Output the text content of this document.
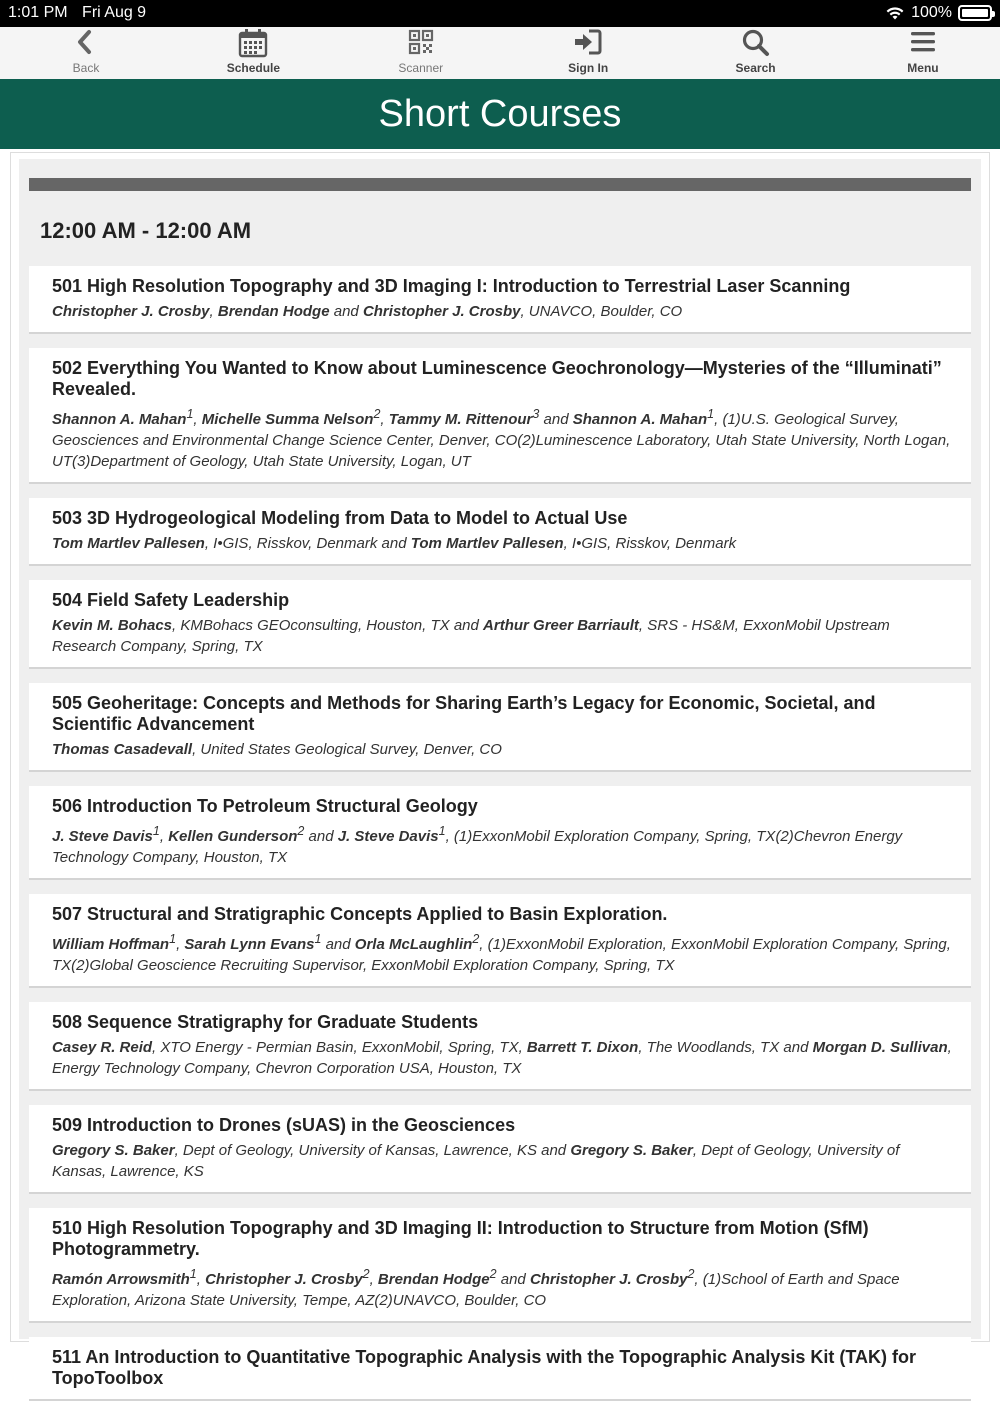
1:01 PM Fri Aug 9	100%
Back	Schedule	Scanner	Sign In	Search	Menu
Short Courses
12:00 AM - 12:00 AM
501 High Resolution Topography and 3D Imaging I: Introduction to Terrestrial Laser Scanning
Christopher J. Crosby, Brendan Hodge and Christopher J. Crosby, UNAVCO, Boulder, CO
502 Everything You Wanted to Know about Luminescence Geochronology—Mysteries of the “Illuminati” Revealed.
Shannon A. Mahan$^1$, Michelle Summa Nelson$^2$, Tammy M. Rittenour$^3$ and Shannon A. Mahan$^1$, (1)U.S. Geological Survey, Geosciences and Environmental Change Science Center, Denver, CO(2)Luminescence Laboratory, Utah State University, North Logan, UT(3)Department of Geology, Utah State University, Logan, UT
503 3D Hydrogeological Modeling from Data to Model to Actual Use
Tom Martlev Pallesen, I•GIS, Risskov, Denmark and Tom Martlev Pallesen, I•GIS, Risskov, Denmark
504 Field Safety Leadership
Kevin M. Bohacs, KMBohacs GEOconsulting, Houston, TX and Arthur Greer Barriault, SRS - HS&M, ExxonMobil Upstream Research Company, Spring, TX
505 Geoheritage: Concepts and Methods for Sharing Earth’s Legacy for Economic, Societal, and Scientific Advancement
Thomas Casadevall, United States Geological Survey, Denver, CO
506 Introduction To Petroleum Structural Geology
J. Steve Davis$^1$, Kellen Gunderson$^2$ and J. Steve Davis$^1$, (1)ExxonMobil Exploration Company, Spring, TX(2)Chevron Energy Technology Company, Houston, TX
507 Structural and Stratigraphic Concepts Applied to Basin Exploration.
William Hoffman$^1$, Sarah Lynn Evans$^1$ and Orla McLaughlin$^2$, (1)ExxonMobil Exploration, ExxonMobil Exploration Company, Spring, TX(2)Global Geoscience Recruiting Supervisor, ExxonMobil Exploration Company, Spring, TX
508 Sequence Stratigraphy for Graduate Students
Casey R. Reid, XTO Energy - Permian Basin, ExxonMobil, Spring, TX, Barrett T. Dixon, The Woodlands, TX and Morgan D. Sullivan, Energy Technology Company, Chevron Corporation USA, Houston, TX
509 Introduction to Drones (sUAS) in the Geosciences
Gregory S. Baker, Dept of Geology, University of Kansas, Lawrence, KS and Gregory S. Baker, Dept of Geology, University of Kansas, Lawrence, KS
510 High Resolution Topography and 3D Imaging II: Introduction to Structure from Motion (SfM) Photogrammetry.
Ramón Arrowsmith$^1$, Christopher J. Crosby$^2$, Brendan Hodge$^2$ and Christopher J. Crosby$^2$, (1)School of Earth and Space Exploration, Arizona State University, Tempe, AZ(2)UNAVCO, Boulder, CO
511 An Introduction to Quantitative Topographic Analysis with the Topographic Analysis Kit (TAK) for TopoToolbox
